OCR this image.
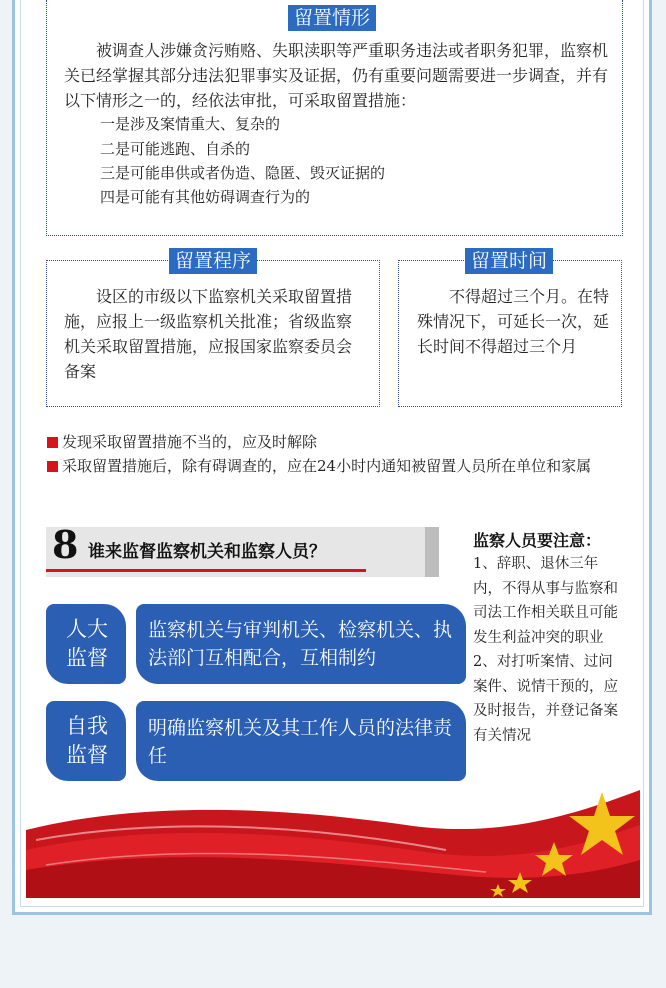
留置情形
被调查人涉嫌贪污贿赂、失职渎职等严重职务违法或者职务犯罪，监察机关已经掌握其部分违法犯罪事实及证据，仍有重要问题需要进一步调查，并有以下情形之一的，经依法审批，可采取留置措施：
一是涉及案情重大、复杂的
二是可能逃跑、自杀的
三是可能串供或者伪造、隐匿、毁灭证据的
四是可能有其他妨碍调查行为的
留置程序
设区的市级以下监察机关采取留置措施，应报上一级监察机关批准；省级监察机关采取留置措施，应报国家监察委员会备案
留置时间
不得超过三个月。在特殊情况下，可延长一次，延长时间不得超过三个月
发现采取留置措施不当的，应及时解除
采取留置措施后，除有碍调查的，应在24小时内通知被留置人员所在单位和家属
8 谁来监督监察机关和监察人员？
人大监督
监察机关与审判机关、检察机关、执法部门互相配合，互相制约
自我监督
明确监察机关及其工作人员的法律责任
监察人员要注意：
1、辞职、退休三年内，不得从事与监察和司法工作相关联且可能发生利益冲突的职业 2、对打听案情、过问案件、说情干预的，应及时报告，并登记备案有关情况
